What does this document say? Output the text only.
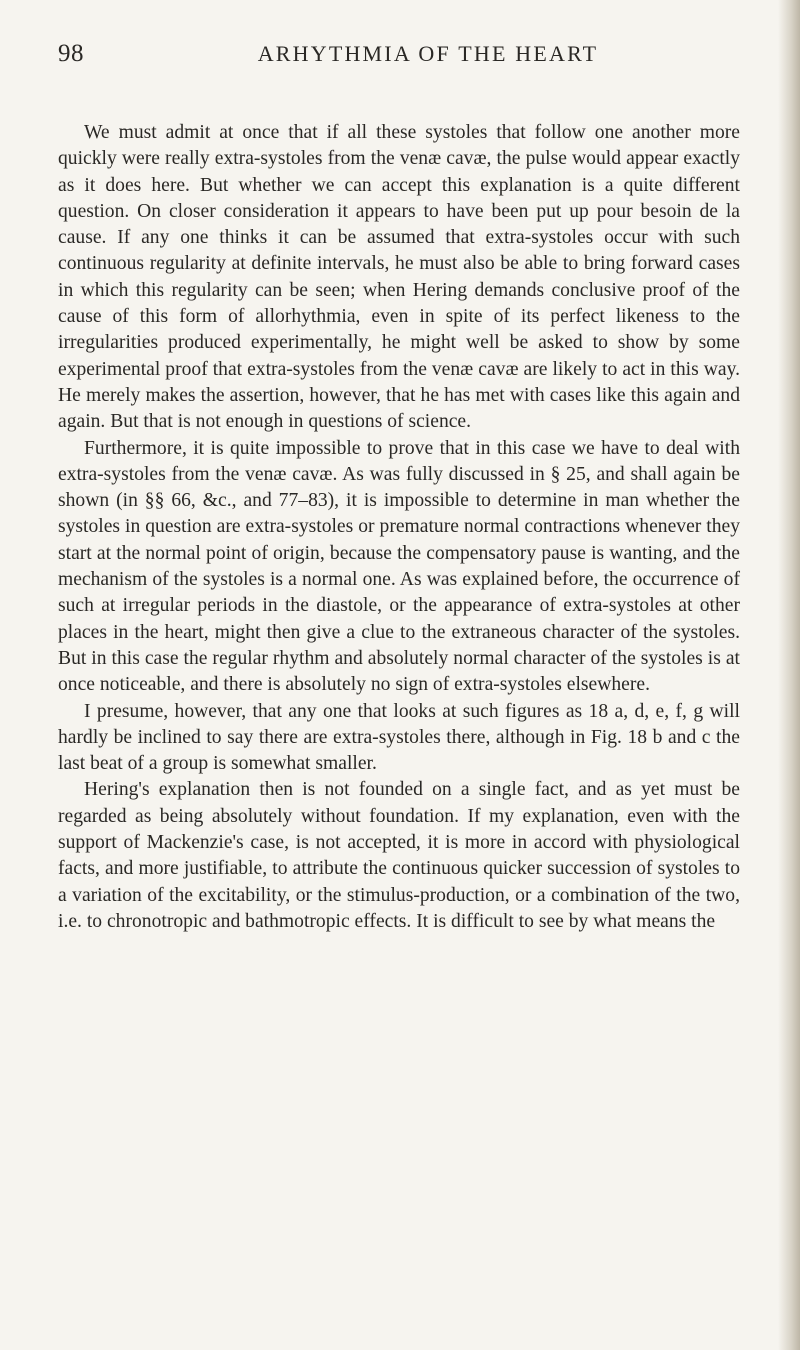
98	ARHYTHMIA OF THE HEART

We must admit at once that if all these systoles that follow one another more quickly were really extra-systoles from the venæ cavæ, the pulse would appear exactly as it does here. But whether we can accept this explanation is a quite different question. On closer consideration it appears to have been put up pour besoin de la cause. If any one thinks it can be assumed that extra-systoles occur with such continuous regularity at definite intervals, he must also be able to bring forward cases in which this regularity can be seen; when Hering demands conclusive proof of the cause of this form of allorhythmia, even in spite of its perfect likeness to the irregularities produced experimentally, he might well be asked to show by some experimental proof that extra-systoles from the venæ cavæ are likely to act in this way. He merely makes the assertion, however, that he has met with cases like this again and again. But that is not enough in questions of science.

Furthermore, it is quite impossible to prove that in this case we have to deal with extra-systoles from the venæ cavæ. As was fully discussed in § 25, and shall again be shown (in §§ 66, &c., and 77–83), it is impossible to determine in man whether the systoles in question are extra-systoles or premature normal contractions whenever they start at the normal point of origin, because the compensatory pause is wanting, and the mechanism of the systoles is a normal one. As was explained before, the occurrence of such at irregular periods in the diastole, or the appearance of extra-systoles at other places in the heart, might then give a clue to the extraneous character of the systoles. But in this case the regular rhythm and absolutely normal character of the systoles is at once noticeable, and there is absolutely no sign of extra-systoles elsewhere.

I presume, however, that any one that looks at such figures as 18 a, d, e, f, g will hardly be inclined to say there are extra-systoles there, although in Fig. 18 b and c the last beat of a group is somewhat smaller.

Hering's explanation then is not founded on a single fact, and as yet must be regarded as being absolutely without foundation. If my explanation, even with the support of Mackenzie's case, is not accepted, it is more in accord with physiological facts, and more justifiable, to attribute the continuous quicker succession of systoles to a variation of the excitability, or the stimulus-production, or a combination of the two, i.e. to chronotropic and bathmotropic effects. It is difficult to see by what means the
